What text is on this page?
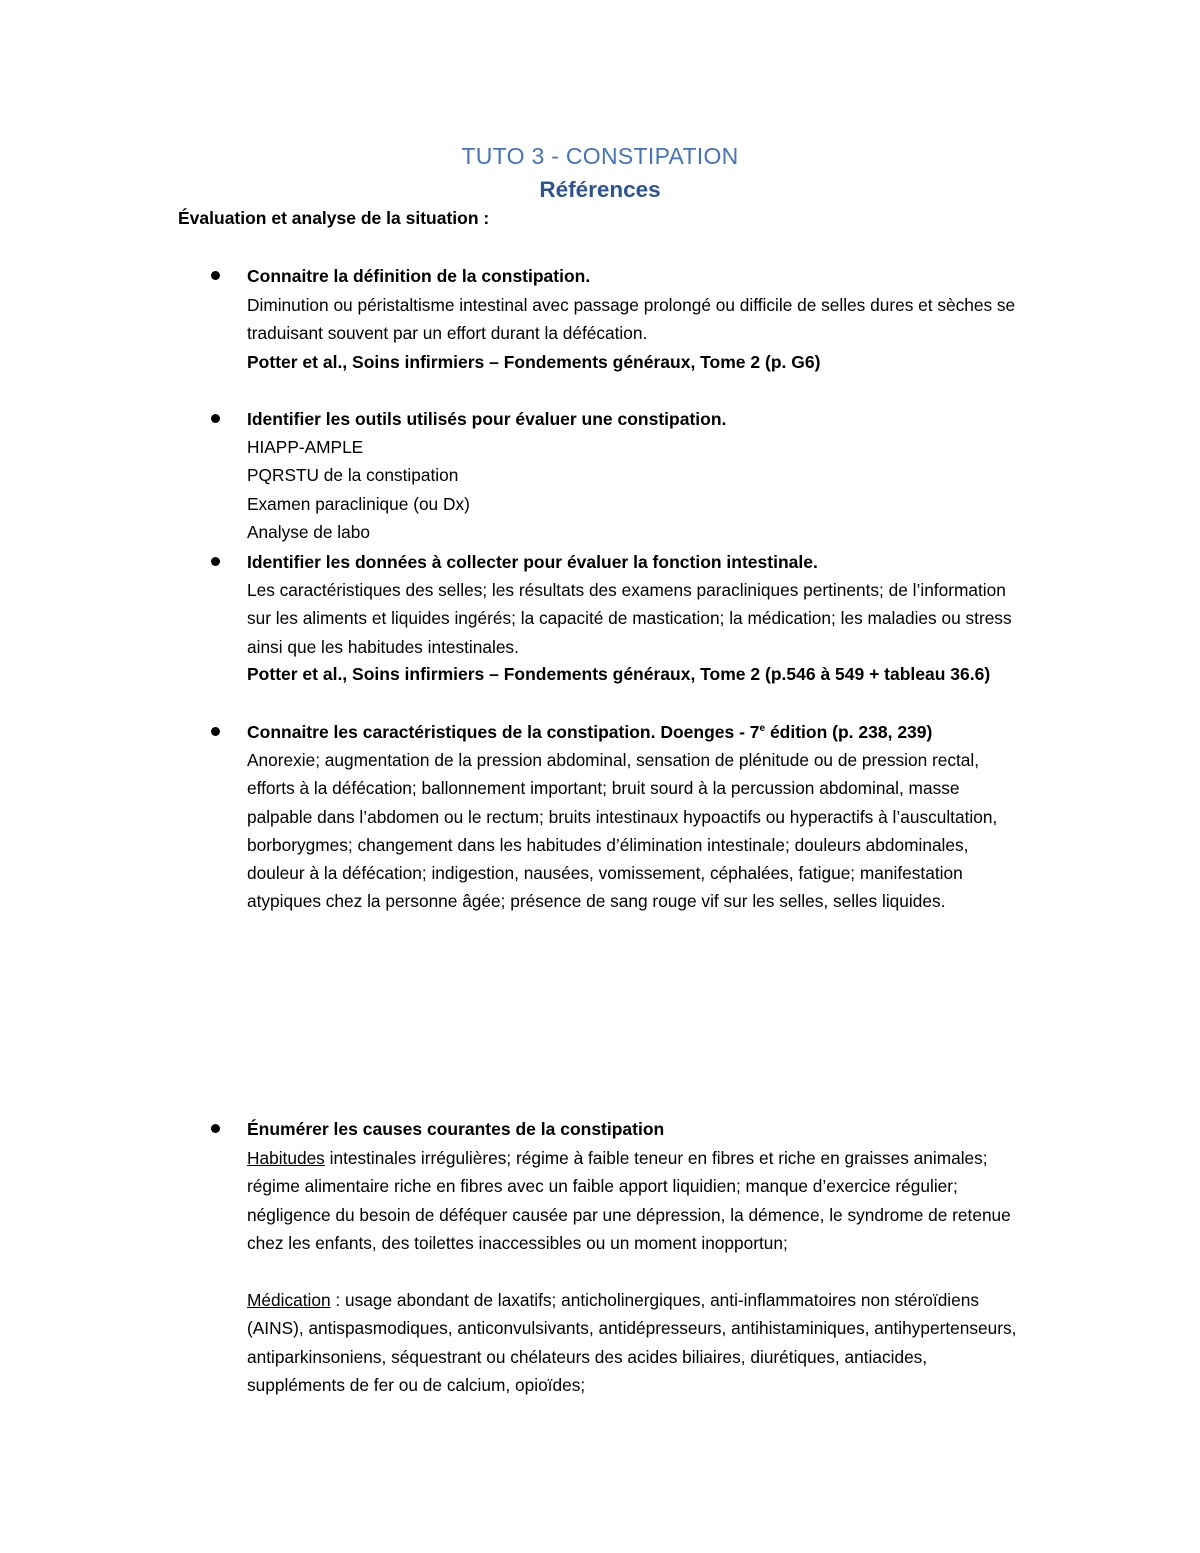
TUTO 3 - CONSTIPATION
Références

Évaluation et analyse de la situation :

Connaitre la définition de la constipation.

Diminution ou péristaltisme intestinal avec passage prolongé ou difficile de selles dures et sèches se traduisant souvent par un effort durant la défécation.

Potter et al., Soins infirmiers – Fondements généraux, Tome 2 (p. G6)

Identifier les outils utilisés pour évaluer une constipation.

HIAPP-AMPLE

PQRSTU de la constipation

Examen paraclinique (ou Dx)

Analyse de labo

Identifier les données à collecter pour évaluer la fonction intestinale.

Les caractéristiques des selles; les résultats des examens paracliniques pertinents; de l’information sur les aliments et liquides ingérés; la capacité de mastication; la médication; les maladies ou stress ainsi que les habitudes intestinales.

Potter et al., Soins infirmiers – Fondements généraux, Tome 2 (p.546 à 549 + tableau 36.6)

Connaitre les caractéristiques de la constipation. Doenges - 7e édition (p. 238, 239)

Anorexie; augmentation de la pression abdominal, sensation de plénitude ou de pression rectal, efforts à la défécation; ballonnement important; bruit sourd à la percussion abdominal, masse palpable dans l’abdomen ou le rectum; bruits intestinaux hypoactifs ou hyperactifs à l’auscultation, borborygmes; changement dans les habitudes d’élimination intestinale; douleurs abdominales, douleur à la défécation; indigestion, nausées, vomissement, céphalées, fatigue; manifestation atypiques chez la personne âgée; présence de sang rouge vif sur les selles, selles liquides.

Énumérer les causes courantes de la constipation

Habitudes intestinales irrégulières; régime à faible teneur en fibres et riche en graisses animales; régime alimentaire riche en fibres avec un faible apport liquidien; manque d’exercice régulier; négligence du besoin de déféquer causée par une dépression, la démence, le syndrome de retenue chez les enfants, des toilettes inaccessibles ou un moment inopportun;

Médication : usage abondant de laxatifs; anticholinergiques, anti-inflammatoires non stéroïdiens (AINS), antispasmodiques, anticonvulsivants, antidépresseurs, antihistaminiques, antihypertenseurs, antiparkinsoniens, séquestrant ou chélateurs des acides biliaires, diurétiques, antiacides, suppléments de fer ou de calcium, opioïdes;
